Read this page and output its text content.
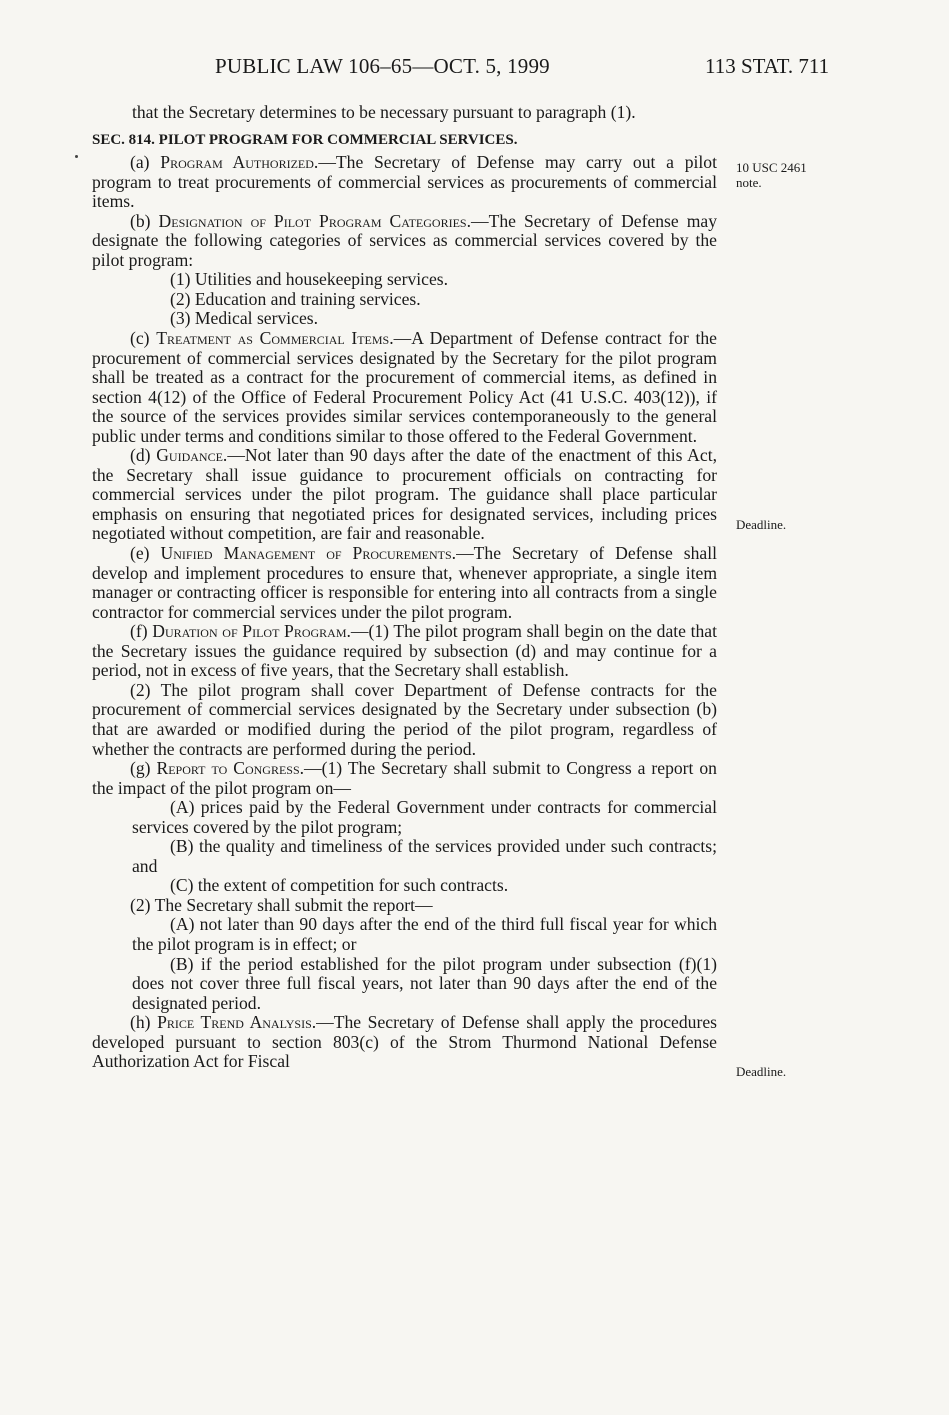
PUBLIC LAW 106–65—OCT. 5, 1999	113 STAT. 711
10 USC 2461
note.
Deadline.
Deadline.

that the Secretary determines to be necessary pursuant to paragraph (1).

SEC. 814. PILOT PROGRAM FOR COMMERCIAL SERVICES.

(a) Program Authorized.—The Secretary of Defense may carry out a pilot program to treat procurements of commercial services as procurements of commercial items.

(b) Designation of Pilot Program Categories.—The Secretary of Defense may designate the following categories of services as commercial services covered by the pilot program:

(1) Utilities and housekeeping services.

(2) Education and training services.

(3) Medical services.

(c) Treatment as Commercial Items.—A Department of Defense contract for the procurement of commercial services designated by the Secretary for the pilot program shall be treated as a contract for the procurement of commercial items, as defined in section 4(12) of the Office of Federal Procurement Policy Act (41 U.S.C. 403(12)), if the source of the services provides similar services contemporaneously to the general public under terms and conditions similar to those offered to the Federal Government.

(d) Guidance.—Not later than 90 days after the date of the enactment of this Act, the Secretary shall issue guidance to procurement officials on contracting for commercial services under the pilot program. The guidance shall place particular emphasis on ensuring that negotiated prices for designated services, including prices negotiated without competition, are fair and reasonable.

(e) Unified Management of Procurements.—The Secretary of Defense shall develop and implement procedures to ensure that, whenever appropriate, a single item manager or contracting officer is responsible for entering into all contracts from a single contractor for commercial services under the pilot program.

(f) Duration of Pilot Program.—(1) The pilot program shall begin on the date that the Secretary issues the guidance required by subsection (d) and may continue for a period, not in excess of five years, that the Secretary shall establish.

(2) The pilot program shall cover Department of Defense contracts for the procurement of commercial services designated by the Secretary under subsection (b) that are awarded or modified during the period of the pilot program, regardless of whether the contracts are performed during the period.

(g) Report to Congress.—(1) The Secretary shall submit to Congress a report on the impact of the pilot program on—

(A) prices paid by the Federal Government under contracts for commercial services covered by the pilot program;

(B) the quality and timeliness of the services provided under such contracts; and

(C) the extent of competition for such contracts.

(2) The Secretary shall submit the report—

(A) not later than 90 days after the end of the third full fiscal year for which the pilot program is in effect; or

(B) if the period established for the pilot program under subsection (f)(1) does not cover three full fiscal years, not later than 90 days after the end of the designated period.

(h) Price Trend Analysis.—The Secretary of Defense shall apply the procedures developed pursuant to section 803(c) of the Strom Thurmond National Defense Authorization Act for Fiscal
